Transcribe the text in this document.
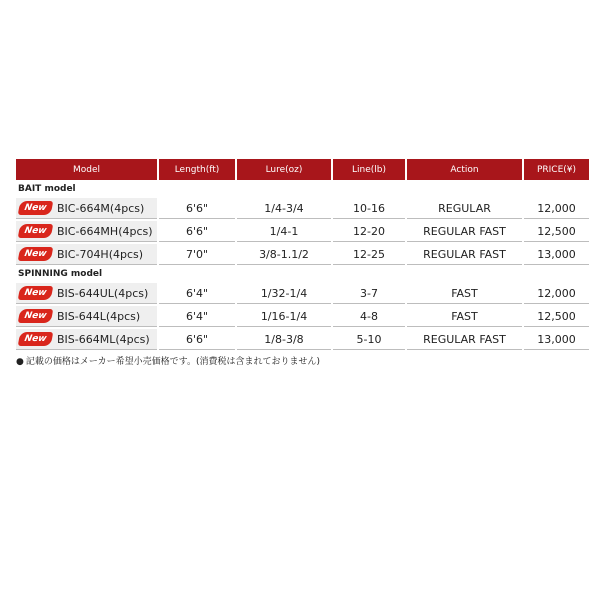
Model	Length(ft)	Lure(oz)	Line(lb)	Action	PRICE(¥)
BAIT model					

New BIC-664M(4pcs)	6'6"	1/4-3/4	10-16	REGULAR	12,000

New BIC-664MH(4pcs)	6'6"	1/4-1	12-20	REGULAR FAST	12,500

New BIC-704H(4pcs)	7'0"	3/8-1.1/2	12-25	REGULAR FAST	13,000
SPINNING model					

New BIS-644UL(4pcs)	6'4"	1/32-1/4	3-7	FAST	12,000

New BIS-644L(4pcs)	6'4"	1/16-1/4	4-8	FAST	12,500

New BIS-664ML(4pcs)	6'6"	1/8-3/8	5-10	REGULAR FAST	13,000
● 記載の価格はメーカー希望小売価格です。(消費税は含まれておりません)
